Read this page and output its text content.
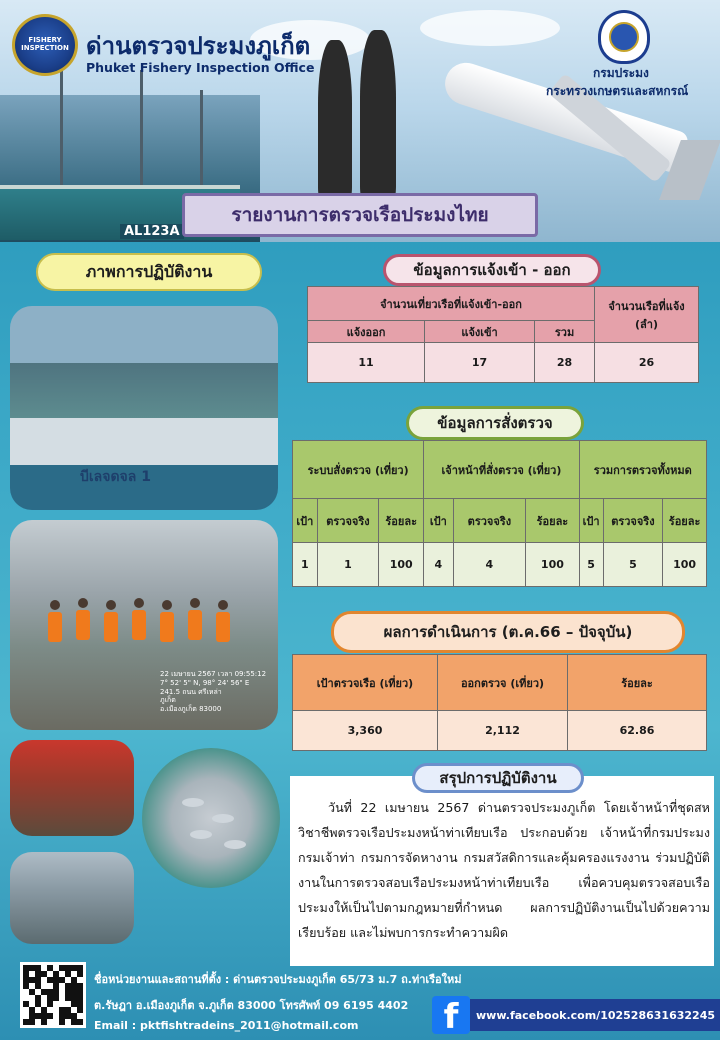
AL123A
FISHERY INSPECTION ด่านตรวจประมงภูเก็ต
Phuket Fishery Inspection Office	กรมประมง
กระทรวงเกษตรและสหกรณ์
รายงานการตรวจเรือประมงไทย
ภาพการปฏิบัติงาน
บีเลจดจล 1
22 เมษายน 2567 เวลา 09:55:12
7° 52' 5" N, 98° 24' 56" E
241.5 ถนน ศรีเหล่า
ภูเก็ต
อ.เมืองภูเก็ต 83000
ข้อมูลการแจ้งเข้า - ออก
จำนวนเที่ยวเรือที่แจ้งเข้า-ออก			จำนวนเรือที่แจ้ง (ลำ)
แจ้งออก	แจ้งเข้า	รวม	
11	17	28	26
ข้อมูลการสั่งตรวจ
ระบบสั่งตรวจ (เที่ยว)			เจ้าหน้าที่สั่งตรวจ (เที่ยว)			รวมการตรวจทั้งหมด		
เป้า	ตรวจจริง	ร้อยละ	เป้า	ตรวจจริง	ร้อยละ	เป้า	ตรวจจริง	ร้อยละ
1	1	100	4	4	100	5	5	100
ผลการดำเนินการ (ต.ค.66 – ปัจจุบัน)
เป้าตรวจเรือ (เที่ยว)	ออกตรวจ (เที่ยว)	ร้อยละ
3,360	2,112	62.86
สรุปการปฏิบัติงาน

วันที่ 22 เมษายน 2567 ด่านตรวจประมงภูเก็ต โดยเจ้าหน้าที่ชุดสหวิชาชีพตรวจเรือประมงหน้าท่าเทียบเรือ ประกอบด้วย เจ้าหน้าที่กรมประมง กรมเจ้าท่า กรมการจัดหางาน กรมสวัสดิการและคุ้มครองแรงงาน ร่วมปฏิบัติงานในการตรวจสอบเรือประมงหน้าท่าเทียบเรือ เพื่อควบคุมตรวจสอบเรือประมงให้เป็นไปตามกฎหมายที่กำหนด ผลการปฏิบัติงานเป็นไปด้วยความเรียบร้อย และไม่พบการกระทำความผิด

ชื่อหน่วยงานและสถานที่ตั้ง : ด่านตรวจประมงภูเก็ต 65/73 ม.7 ถ.ท่าเรือใหม่
ต.รัษฎา อ.เมืองภูเก็ต จ.ภูเก็ต 83000 โทรศัพท์ 09 6195 4402
Email : pktfishtradeins_2011@hotmail.com	f	www.facebook.com/102528631632245
